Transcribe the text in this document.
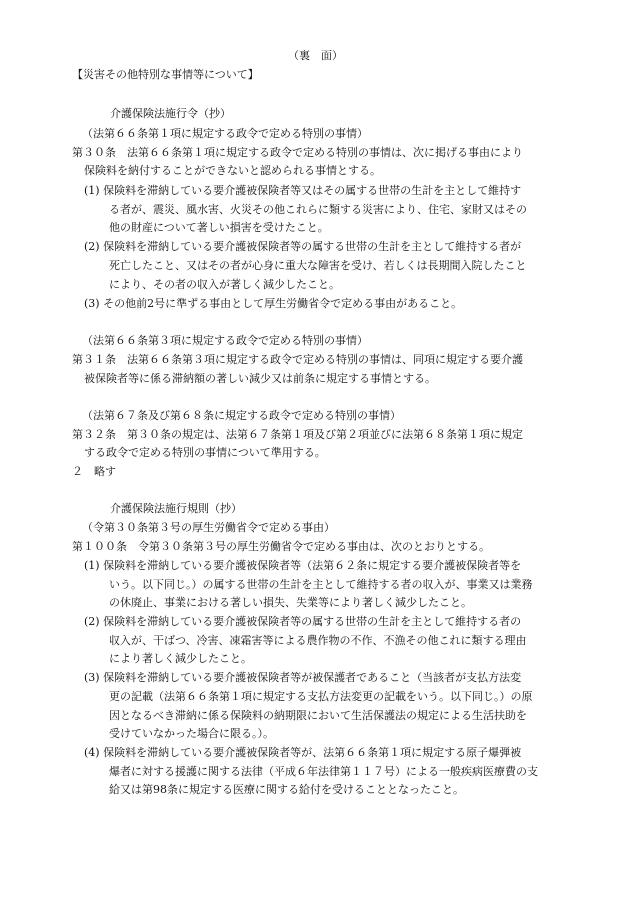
（裏　面）
【災害その他特別な事情等について】
介護保険法施行令（抄）
（法第６６条第１項に規定する政令で定める特別の事情）
第３０条　法第６６条第１項に規定する政令で定める特別の事情は、次に掲げる事由により
保険料を納付することができないと認められる事情とする。
(1) 保険料を滞納している要介護被保険者等又はその属する世帯の生計を主として維持す
る者が、震災、風水害、火災その他これらに類する災害により、住宅、家財又はその
他の財産について著しい損害を受けたこと。
(2) 保険料を滞納している要介護被保険者等の属する世帯の生計を主として維持する者が
死亡したこと、又はその者が心身に重大な障害を受け、若しくは長期間入院したこと
により、その者の収入が著しく減少したこと。
(3) その他前2号に準ずる事由として厚生労働省令で定める事由があること。
（法第６６条第３項に規定する政令で定める特別の事情）
第３１条　法第６６条第３項に規定する政令で定める特別の事情は、同項に規定する要介護
被保険者等に係る滞納額の著しい減少又は前条に規定する事情とする。
（法第６７条及び第６８条に規定する政令で定める特別の事情）
第３２条　第３０条の規定は、法第６７条第１項及び第２項並びに法第６８条第１項に規定
する政令で定める特別の事情について準用する。
２　略す
介護保険法施行規則（抄）
（令第３０条第３号の厚生労働省令で定める事由）
第１００条　令第３０条第３号の厚生労働省令で定める事由は、次のとおりとする。
(1) 保険料を滞納している要介護被保険者等（法第６２条に規定する要介護被保険者等を
いう。以下同じ。）の属する世帯の生計を主として維持する者の収入が、事業又は業務
の休廃止、事業における著しい損失、失業等により著しく減少したこと。
(2) 保険料を滞納している要介護被保険者等の属する世帯の生計を主として維持する者の
収入が、干ばつ、冷害、凍霜害等による農作物の不作、不漁その他これに類する理由
により著しく減少したこと。
(3) 保険料を滞納している要介護被保険者等が被保護者であること（当該者が支払方法変
更の記載（法第６６条第１項に規定する支払方法変更の記載をいう。以下同じ。）の原
因となるべき滞納に係る保険料の納期限において生活保護法の規定による生活扶助を
受けていなかった場合に限る。）。
(4) 保険料を滞納している要介護被保険者等が、法第６６条第１項に規定する原子爆弾被
爆者に対する援護に関する法律（平成６年法律第１１７号）による一般疾病医療費の支
給又は第98条に規定する医療に関する給付を受けることとなったこと。
